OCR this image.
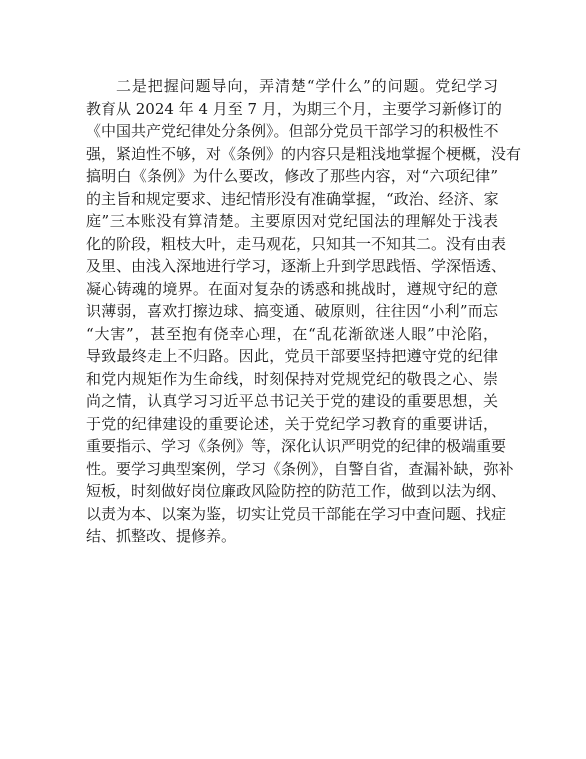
二是把握问题导向，弄清楚“学什么”的问题。党纪学习
教育从 2024 年 4 月至 7 月，为期三个月，主要学习新修订的
《中国共产党纪律处分条例》。但部分党员干部学习的积极性不
强，紧迫性不够，对《条例》的内容只是粗浅地掌握个梗概，没有
搞明白《条例》为什么要改，修改了那些内容，对“六项纪律”
的主旨和规定要求、违纪情形没有准确掌握，“政治、经济、家
庭”三本账没有算清楚。主要原因对党纪国法的理解处于浅表
化的阶段，粗枝大叶，走马观花，只知其一不知其二。没有由表
及里、由浅入深地进行学习，逐渐上升到学思践悟、学深悟透、
凝心铸魂的境界。在面对复杂的诱惑和挑战时，遵规守纪的意
识薄弱，喜欢打擦边球、搞变通、破原则，往往因“小利”而忘
“大害”，甚至抱有侥幸心理，在“乱花渐欲迷人眼”中沦陷，
导致最终走上不归路。因此，党员干部要坚持把遵守党的纪律
和党内规矩作为生命线，时刻保持对党规党纪的敬畏之心、崇
尚之情，认真学习习近平总书记关于党的建设的重要思想，关
于党的纪律建设的重要论述，关于党纪学习教育的重要讲话，
重要指示、学习《条例》等，深化认识严明党的纪律的极端重要
性。要学习典型案例，学习《条例》，自警自省，查漏补缺，弥补
短板，时刻做好岗位廉政风险防控的防范工作，做到以法为纲、
以责为本、以案为鉴，切实让党员干部能在学习中查问题、找症
结、抓整改、提修养。
